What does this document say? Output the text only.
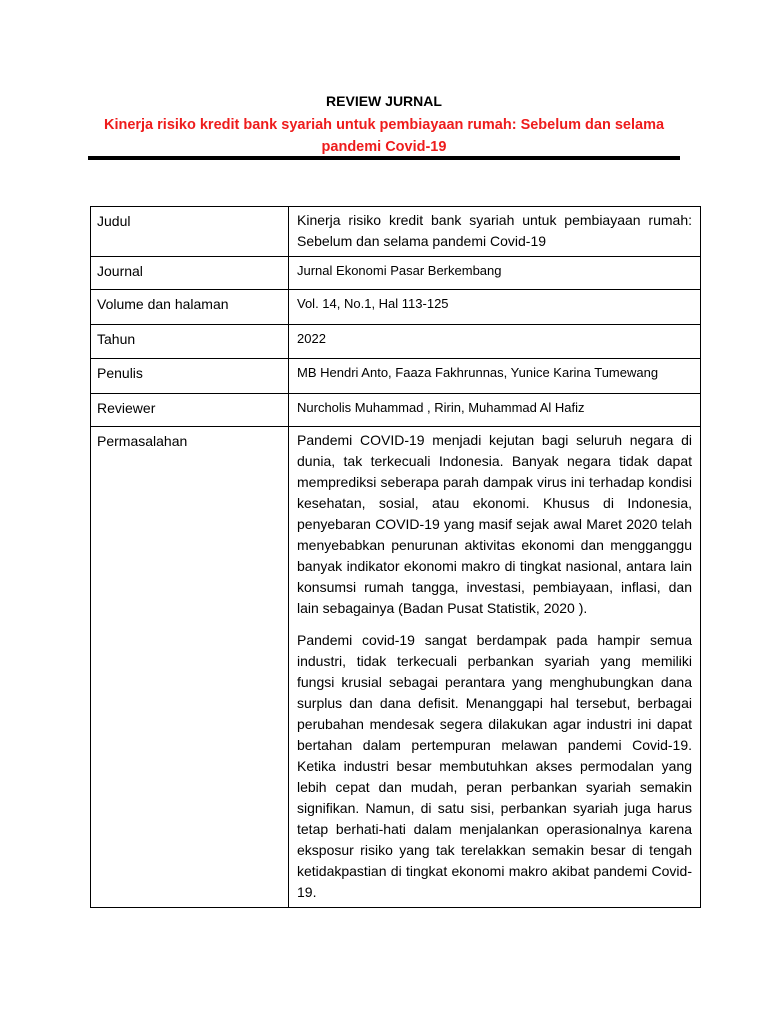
REVIEW JURNAL

Kinerja risiko kredit bank syariah untuk pembiayaan rumah: Sebelum dan selama pandemi Covid-19

Judul	Kinerja risiko kredit bank syariah untuk pembiayaan rumah: Sebelum dan selama pandemi Covid-19
Journal	Jurnal Ekonomi Pasar Berkembang
Volume dan halaman	Vol. 14, No.1, Hal 113-125
Tahun	2022
Penulis	MB Hendri Anto, Faaza Fakhrunnas, Yunice Karina Tumewang
Reviewer	Nurcholis Muhammad , Ririn, Muhammad Al Hafiz
Permasalahan	Pandemi COVID-19 menjadi kejutan bagi seluruh negara di dunia, tak terkecuali Indonesia. Banyak negara tidak dapat memprediksi seberapa parah dampak virus ini terhadap kondisi kesehatan, sosial, atau ekonomi. Khusus di Indonesia, penyebaran COVID-19 yang masif sejak awal Maret 2020 telah menyebabkan penurunan aktivitas ekonomi dan mengganggu banyak indikator ekonomi makro di tingkat nasional, antara lain konsumsi rumah tangga, investasi, pembiayaan, inflasi, dan lain sebagainya (Badan Pusat Statistik, 2020 ).

Pandemi covid-19 sangat berdampak pada hampir semua industri, tidak terkecuali perbankan syariah yang memiliki fungsi krusial sebagai perantara yang menghubungkan dana surplus dan dana defisit. Menanggapi hal tersebut, berbagai perubahan mendesak segera dilakukan agar industri ini dapat bertahan dalam pertempuran melawan pandemi Covid-19. Ketika industri besar membutuhkan akses permodalan yang lebih cepat dan mudah, peran perbankan syariah semakin signifikan. Namun, di satu sisi, perbankan syariah juga harus tetap berhati-hati dalam menjalankan operasionalnya karena eksposur risiko yang tak terelakkan semakin besar di tengah ketidakpastian di tingkat ekonomi makro akibat pandemi Covid-19.
